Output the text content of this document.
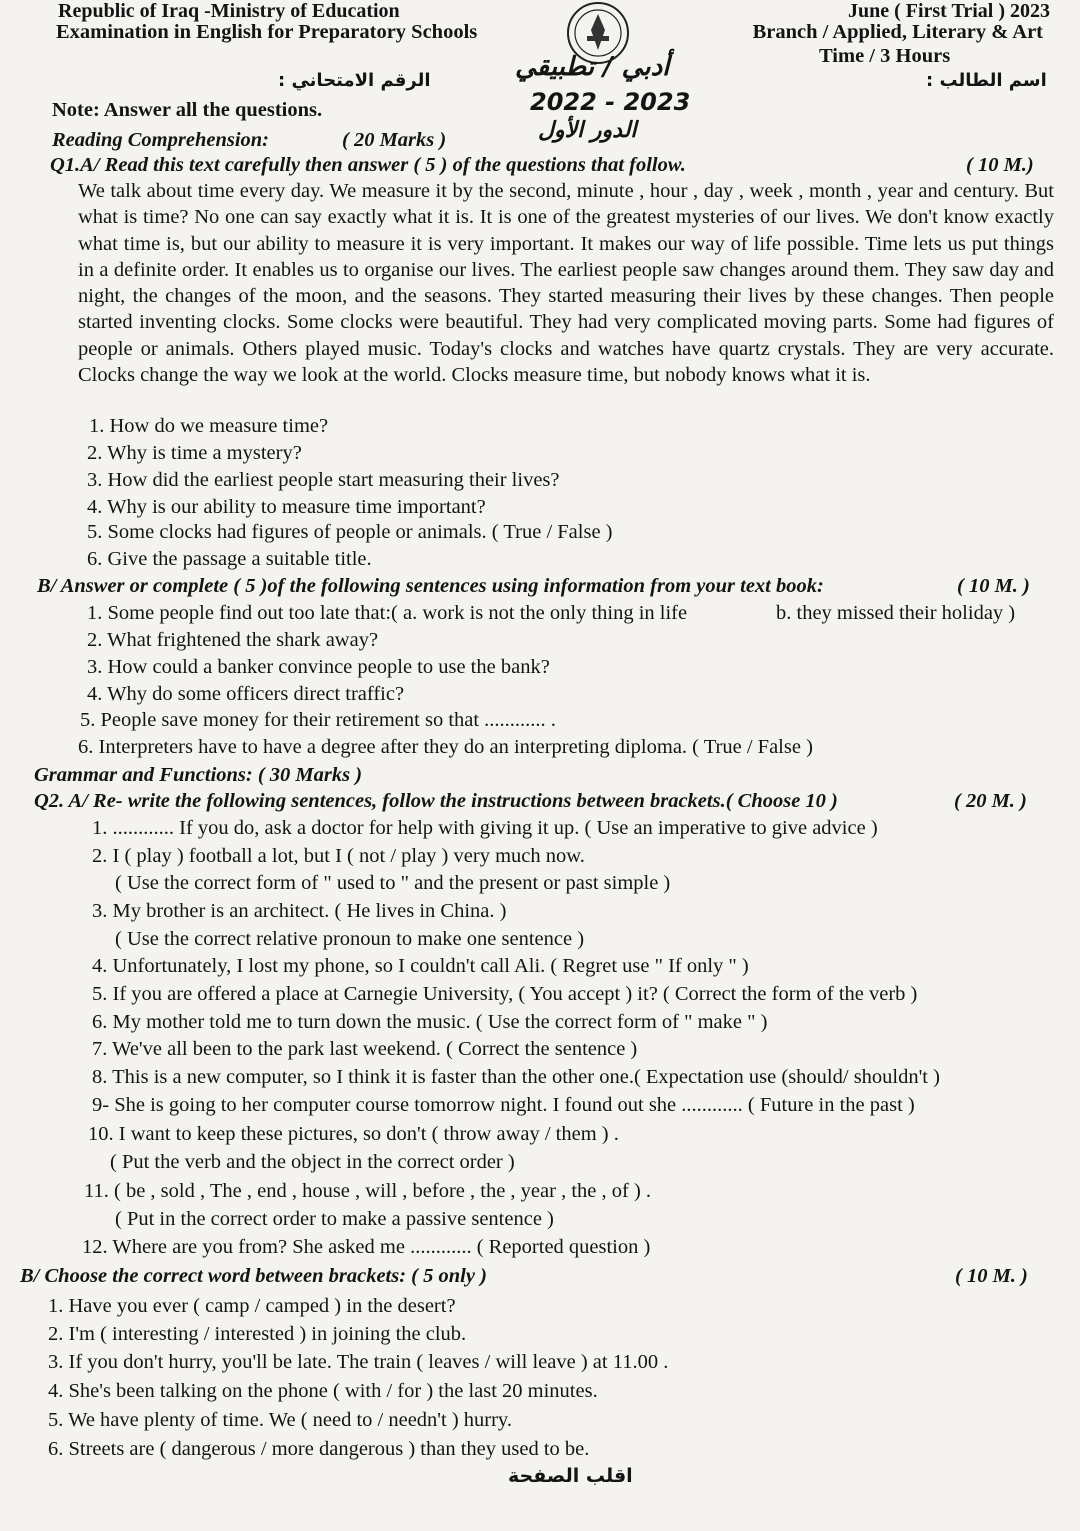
Republic of Iraq -Ministry of Education
Examination in English for Preparatory Schools
June ( First Trial ) 2023
Branch / Applied, Literary & Art
Time / 3 Hours
أدبي / تطبيقي
الرقم الامتحاني :	اسم الطالب :
Note: Answer all the questions.	2022 - 2023
الدور الأول
Reading Comprehension:	( 20 Marks )
Q1.A/ Read this text carefully then answer ( 5 ) of the questions that follow.	( 10 M.)

We talk about time every day. We measure it by the second, minute , hour , day , week , month , year and century. But what is time? No one can say exactly what it is. It is one of the greatest mysteries of our lives. We don't know exactly what time is, but our ability to measure it is very important. It makes our way of life possible. Time lets us put things in a definite order. It enables us to organise our lives. The earliest people saw changes around them. They saw day and night, the changes of the moon, and the seasons. They started measuring their lives by these changes. Then people started inventing clocks. Some clocks were beautiful. They had very complicated moving parts. Some had figures of people or animals. Others played music. Today's clocks and watches have quartz crystals. They are very accurate. Clocks change the way we look at the world. Clocks measure time, but nobody knows what it is.

1. How do we measure time?
2. Why is time a mystery?
3. How did the earliest people start measuring their lives?
4. Why is our ability to measure time important?
5. Some clocks had figures of people or animals. ( True / False )
6. Give the passage a suitable title.
B/ Answer or complete ( 5 )of the following sentences using information from your text book:	( 10 M. )
1. Some people find out too late that:( a. work is not the only thing in life	b. they missed their holiday )
2. What frightened the shark away?
3. How could a banker convince people to use the bank?
4. Why do some officers direct traffic?
5. People save money for their retirement so that ............ .
6. Interpreters have to have a degree after they do an interpreting diploma. ( True / False )
Grammar and Functions: ( 30 Marks )
Q2. A/ Re- write the following sentences, follow the instructions between brackets.( Choose 10 )	( 20 M. )
1. ............ If you do, ask a doctor for help with giving it up. ( Use an imperative to give advice )
2. I ( play ) football a lot, but I ( not / play ) very much now.
( Use the correct form of " used to " and the present or past simple )
3. My brother is an architect. ( He lives in China. )
( Use the correct relative pronoun to make one sentence )
4. Unfortunately, I lost my phone, so I couldn't call Ali. ( Regret use " If only " )
5. If you are offered a place at Carnegie University, ( You accept ) it? ( Correct the form of the verb )
6. My mother told me to turn down the music. ( Use the correct form of " make " )
7. We've all been to the park last weekend. ( Correct the sentence )
8. This is a new computer, so I think it is faster than the other one.( Expectation use (should/ shouldn't )
9- She is going to her computer course tomorrow night. I found out she ............ ( Future in the past )
10. I want to keep these pictures, so don't ( throw away / them ) .
( Put the verb and the object in the correct order )
11. ( be , sold , The , end , house , will , before , the , year , the , of ) .
( Put in the correct order to make a passive sentence )
12. Where are you from? She asked me ............ ( Reported question )
B/ Choose the correct word between brackets: ( 5 only )	( 10 M. )
1. Have you ever ( camp / camped ) in the desert?
2. I'm ( interesting / interested ) in joining the club.
3. If you don't hurry, you'll be late. The train ( leaves / will leave ) at 11.00 .
4. She's been talking on the phone ( with / for ) the last 20 minutes.
5. We have plenty of time. We ( need to / needn't ) hurry.
6. Streets are ( dangerous / more dangerous ) than they used to be.
اقلب الصفحة
